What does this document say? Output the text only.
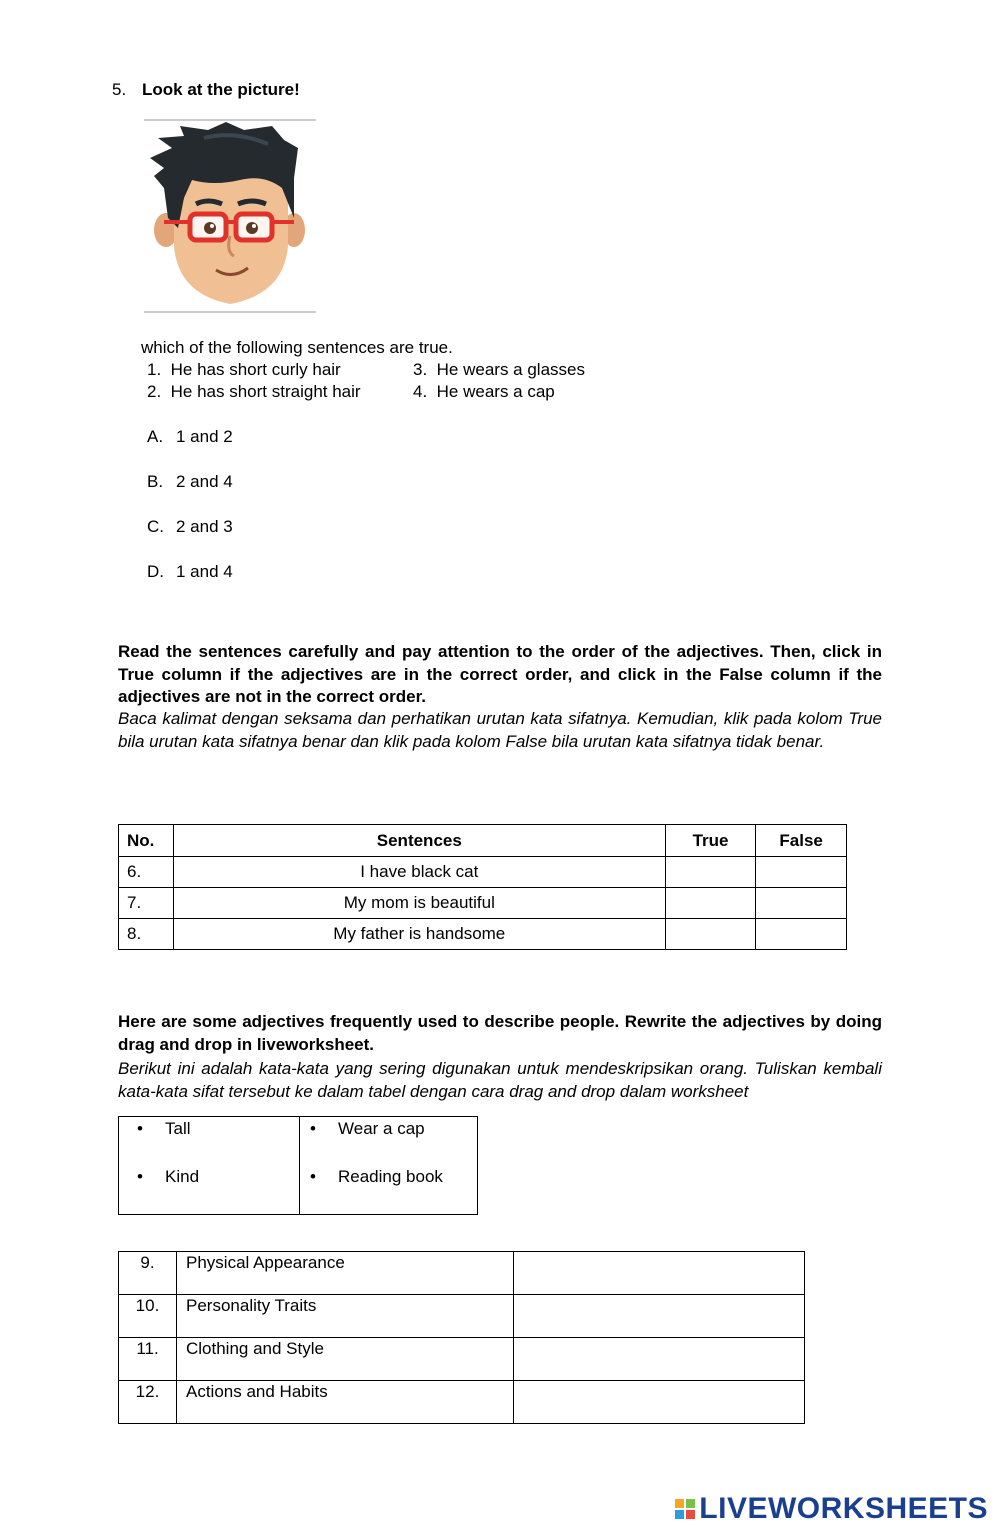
5. Look at the picture!
which of the following sentences are true.
1. He has short curly hair
2. He has short straight hair
3. He wears a glasses
4. He wears a cap
A. 1 and 2
B. 2 and 4
C. 2 and 3
D. 1 and 4
Read the sentences carefully and pay attention to the order of the adjectives. Then, click in True column if the adjectives are in the correct order, and click in the False column if the adjectives are not in the correct order.
Baca kalimat dengan seksama dan perhatikan urutan kata sifatnya. Kemudian, klik pada kolom True bila urutan kata sifatnya benar dan klik pada kolom False bila urutan kata sifatnya tidak benar.
No.	Sentences	True	False
6.	I have black cat		
7.	My mom is beautiful		
8.	My father is handsome		
Here are some adjectives frequently used to describe people. Rewrite the adjectives by doing drag and drop in liveworksheet.
Berikut ini adalah kata-kata yang sering digunakan untuk mendeskripsikan orang. Tuliskan kembali kata-kata sifat tersebut ke dalam tabel dengan cara drag and drop dalam worksheet
• Tall
• Kind

• Wear a cap
• Reading book
9.	Physical Appearance	
10.	Personality Traits	
11.	Clothing and Style	
12.	Actions and Habits	
LIVEWORKSHEETS
